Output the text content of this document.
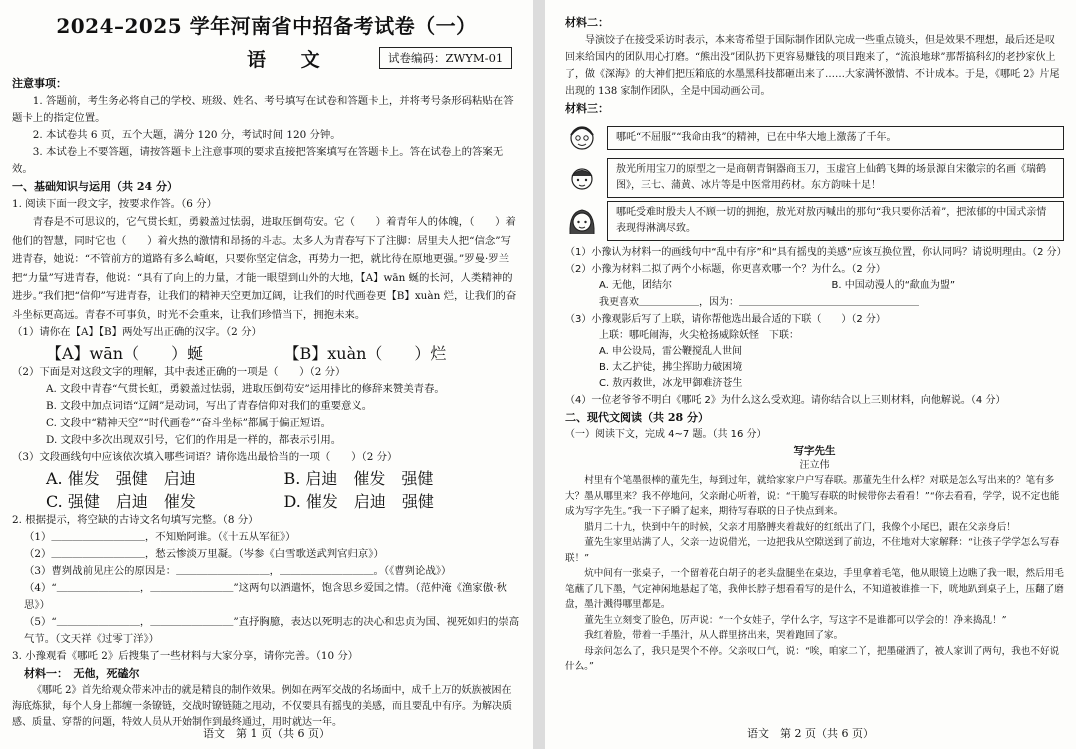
2024–2025 学年河南省中招备考试卷（一）
语 文	试卷编码：ZWYM-01

注意事项：

1. 答题前，考生务必将自己的学校、班级、姓名、考号填写在试卷和答题卡上，并将考号条形码粘贴在答题卡上的指定位置。

2. 本试卷共 6 页，五个大题，满分 120 分，考试时间 120 分钟。

3. 本试卷上不要答题，请按答题卡上注意事项的要求直接把答案填写在答题卡上。答在试卷上的答案无效。

一、基础知识与运用（共 24 分）

1. 阅读下面一段文字，按要求作答。（6 分）

青春是不可思议的，它气贯长虹，勇毅盖过怯弱，进取压倒苟安。它（　　）着青年人的体魄，（　　）着他们的智慧，同时它也（　　）着火热的激情和昂扬的斗志。太多人为青春写下了注脚：居里夫人把“信念”写进青春，她说：“不管前方的道路有多么崎岖，只要你坚定信念，再势力一把，就比待在原地更强。”罗曼·罗兰把“力量”写进青春，他说：“具有了向上的力量，才能一眼望到山外的大地，【A】wān 蜒的长河，人类精神的进步。”我们把“信仰”写进青春，让我们的精神天空更加辽阔，让我们的时代画卷更【B】xuàn 烂，让我们的奋斗坐标更高远。青春不可事负，时光不会重来，让我们珍惜当下，拥抱未来。

（1）请你在【A】【B】两处写出正确的汉字。（2 分）

【A】wān（　　）蜒	【B】xuàn（　　）烂

（2）下面是对这段文字的理解，其中表述正确的一项是（　　）（2 分）

A. 文段中青春“气贯长虹，勇毅盖过怯弱，进取压倒苟安”运用排比的修辞来赞美青春。

B. 文段中加点词语“辽阔”是动词，写出了青春信仰对我们的重要意义。

C. 文段中“精神天空”“时代画卷”“奋斗坐标”都属于偏正短语。

D. 文段中多次出现双引号，它们的作用是一样的，都表示引用。

（3）文段画线句中应该依次填入哪些词语？请你选出最恰当的一项（　　）（2 分）

A. 催发　强健　启迪	B. 启迪　催发　强健
C. 强健　启迪　催发	D. 催发　启迪　强健

2. 根据提示，将空缺的古诗文名句填写完整。（8 分）

（1）＿＿＿＿＿＿＿＿＿，不知贻阿谁。（《十五从军征》）

（2）＿＿＿＿＿＿＿＿＿，愁云惨淡万里凝。（岑参《白雪歌送武判官归京》）

（3）曹刿战前见庄公的原因是：＿＿＿＿＿＿＿＿＿，＿＿＿＿＿＿＿＿＿。（《曹刿论战》）

（4）“＿＿＿＿＿＿＿＿，＿＿＿＿＿＿＿＿”这两句以酒遣怀，饱含思乡爱国之情。（范仲淹《渔家傲·秋思》）

（5）“＿＿＿＿＿＿＿＿，＿＿＿＿＿＿＿＿”直抒胸臆，表达以死明志的决心和忠贞为国、视死如归的崇高气节。（文天祥《过零丁洋》）

3. 小豫观看《哪吒 2》后搜集了一些材料与大家分享，请你完善。（10 分）

材料一：　无他，死磕尔

《哪吒 2》首先给观众带来冲击的就是精良的制作效果。例如在两军交战的名场面中，成千上万的妖族被困在海底炼狱，每个人身上都缠一条镣链，交战时镣链随之甩动，不仅要具有摇曳的美感，而且要乱中有序。为解决质感、质量、穿帮的问题，特效人员从开始制作到最终通过，用时就达一年。

语文　第 1 页（共 6 页）

材料二：

导演饺子在接受采访时表示，本来寄希望于国际制作团队完成一些重点镜头，但是效果不理想，最后还是叹回来给国内的团队用心打磨。“熊出没”团队扔下更容易赚钱的项目跑来了，“流浪地球”那帮搞科幻的老抄家伙上了，做《深海》的大神们把压箱底的水墨黑科技都砸出来了……大家满怀激情、不计成本。于是，《哪吒 2》片尾出现的 138 家制作团队，全是中国动画公司。

材料三：

哪吒“不屈服”“我命由我”的精神，已在中华大地上激荡了千年。
敖光所用宝刀的原型之一是商朝青铜器商玉刀，玉虚宫上仙鹤飞舞的场景源自宋徽宗的名画《瑞鹤图》，三七、蒲黄、冰片等是中医常用药材。东方韵味十足！
哪吒受难时殷夫人不顾一切的拥抱，敖光对敖丙喊出的那句“我只要你活着”，把浓郁的中国式亲情表现得淋漓尽致。

（1）小豫认为材料一的画线句中“乱中有序”和“具有摇曳的美感”应该互换位置，你认同吗？请说明理由。（2 分）

（2）小豫为材料二拟了两个小标题，你更喜欢哪一个？为什么。（2 分）

A. 无他，团结尔	B. 中国动漫人的“歃血为盟”

我更喜欢＿＿＿＿＿＿，因为：＿＿＿＿＿＿＿＿＿＿＿＿＿＿＿＿＿＿

（3）小豫观影后写了上联，请你帮他选出最合适的下联（　　）（2 分）

上联：哪吒闹海，火尖枪扬威除妖怪　下联：

A. 申公设局，雷公鞭搅乱人世间

B. 太乙护徒，拂尘挥助力破困境

C. 敖丙救世，冰龙甲御难济苍生

（4）一位老爷爷不明白《哪吒 2》为什么这么受欢迎。请你结合以上三则材料，向他解说。（4 分）

二、现代文阅读（共 28 分）

（一）阅读下文，完成 4~7 题。（共 16 分）

写字先生

汪立伟

村里有个笔墨很棒的董先生，每到过年，就给家家户户写春联。那董先生什么样？对联是怎么写出来的？笔有多大？墨从哪里来？我不停地问，父亲耐心听着，说：“干脆写春联的时候带你去看看！”“你去看看，学学，说不定也能成为写字先生。”我一下子瞬了起来，期待写春联的日子快点到来。

腊月二十九，快到中午的时候，父亲才用胳膊夹着裁好的红纸出了门，我像个小尾巴，跟在父亲身后！

董先生家里站满了人，父亲一边说借光，一边把我从空隙送到了前边，不住地对大家解释：“让孩子学学怎么写春联！”

炕中间有一张桌子，一个留着花白胡子的老头盘腿坐在桌边，手里拿着毛笔，他从眼镜上边瞧了我一眼，然后用毛笔蘸了几下墨，气定神闲地悬起了笔，我伸长脖子想看看写的是什么，不知道被谁推一下，咣地趴到桌子上，压翻了磨盘，墨汁溅得哪里都是。

董先生立刻变了脸色，厉声说：“一个女娃子，学什么字，写这字不是谁都可以学会的！净来捣乱！”

我红着脸，带着一手墨汁，从人群里挤出来，哭着跑回了家。

母亲问怎么了，我只是哭个不停。父亲叹口气，说：“唉，咱家二丫，把墨碰洒了，被人家训了两句，我也不好说什么。”

语文　第 2 页（共 6 页）
